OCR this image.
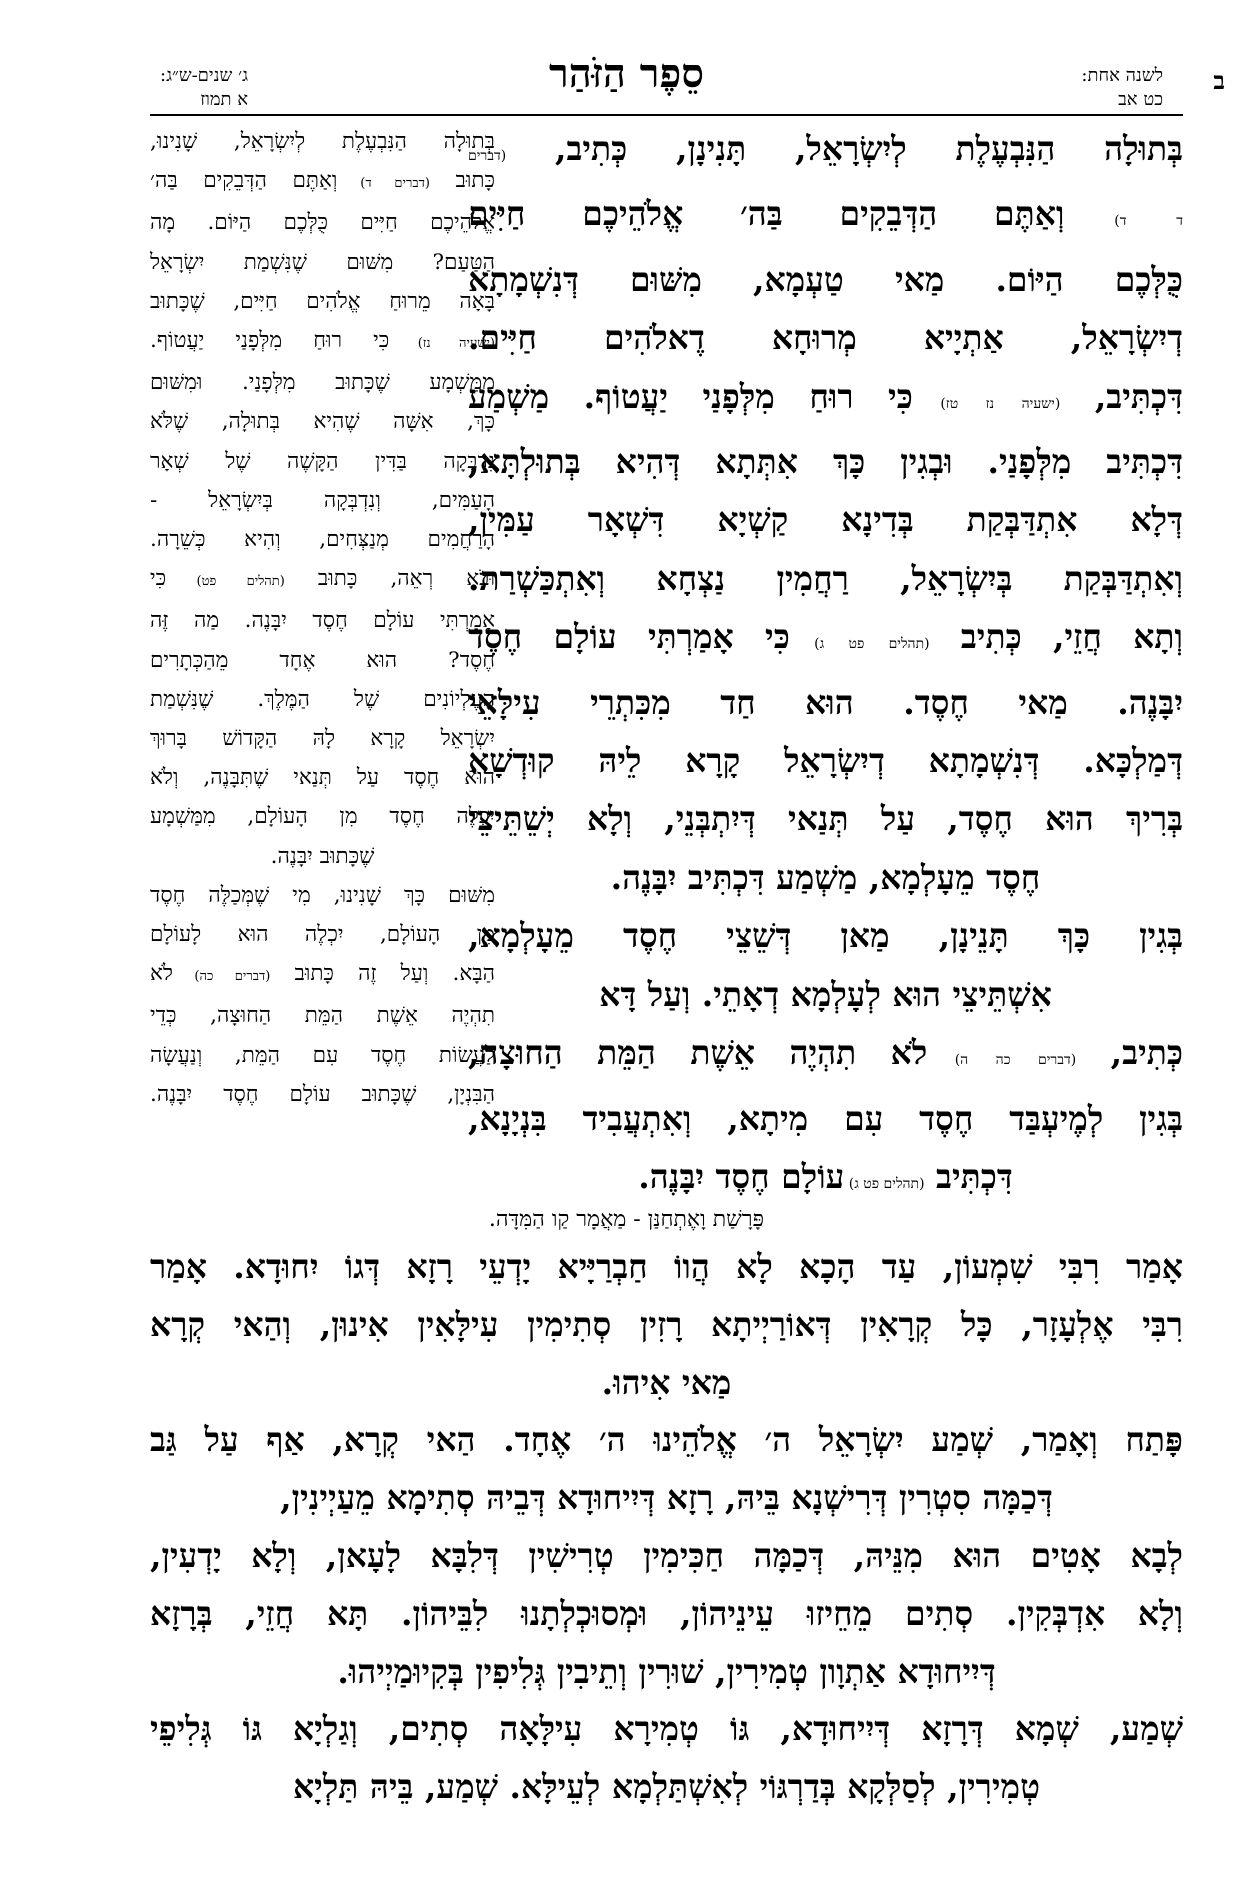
ב
לשנה אחת:
כט אב
סֵפֶר הַזֹּהַר
ג׳ שנים-ש״ג:
א תמוז
בְּתוּלָה הַנִּבְעֶלֶת לְיִשְׂרָאֵל, תָּנִינָן, כְּתִיב, (דברים
ד ד) וְאַתֶּם הַדְּבֵקִים בַּה׳ אֱלֹהֵיכֶם חַיִּים
כֻּלְּכֶם הַיּוֹם. מַאי טַעְמָא, מִשּׁוּם דְּנִשְׁמָתָא
דְיִשְׂרָאֵל, אַתְיָיא מְרוּחָא דֶאלֹהִים חַיִּים.
דִּכְתִּיב, (ישעיה נז טז) כִּי רוּחַ מִלְּפָנַי יַעֲטוֹף. מַשְׁמַע
דִּכְתִּיב מִלְּפָנַי. וּבְגִין כָּךְ אִתְּתָא דְּהִיא בְּתוּלְתָּא,
דְּלָא אִתְדַּבְּקַת בְּדִינָא קַשְׁיָא דִּשְׁאָר עַמִּין,
וְאִתְדַּבְּקַת בְּיִשְׂרָאֵל, רַחֲמִין נַצְחָא וְאִתְכַּשְׁרַת.
וְתָא חֲזֵי, כְּתִיב (תהלים פט ג) כִּי אָמַרְתִּי עוֹלָם חֶסֶד
יִבָּנֶה. מַאי חֶסֶד. הוּא חַד מִכִּתְרֵי עִילָּאֵי
דְּמַלְכָּא. דְּנִשְׁמָתָא דְיִשְׂרָאֵל קָרָא לֵיהּ קוּדְשָׁא
בְּרִיךְ הוּא חֶסֶד, עַל תְּנַאי דְּיִתְבְּנֵי, וְלָא יְשֵׁתֵּיצֵי
חֶסֶד מֵעָלְמָא, מַשְׁמַע דִּכְתִּיב יִבָּנֶה.
בְּגִין כָּךְ תָּנֵינָן, מַאן דְּשֵׁצֵי חֶסֶד מֵעָלְמָא,
אִשְׁתֵּיצֵי הוּא לְעָלְמָא דְאָתֵי. וְעַל דָּא
כְּתִיב, (דברים כה ה) לֹא תִהְיֶה אֵשֶׁת הַמֵּת הַחוּצָה,
בְּגִין לְמֶיעְבַּד חֶסֶד עִם מִיתָא, וְאִתְעֲבִיד בִּנְיָנָא,
דִּכְתִּיב (תהלים פט ג) עוֹלָם חֶסֶד יִבָּנֶה.
בְּתוּלָה הַנִּבְעֶלֶת לְיִשְׂרָאֵל, שָׁנִינוּ,
כָּתוּב (דברים ד) וְאַתֶּם הַדְּבֵקִים בַּה׳
אֱלֹהֵיכֶם חַיִּים כֻּלְּכֶם הַיּוֹם. מָה
הַטַּעַם? מִשּׁוּם שֶׁנִּשְׁמַת יִשְׂרָאֵל
בָּאָה מֵרוּחַ אֱלֹהִים חַיִּים, שֶׁכָּתוּב
(ישעיה נז) כִּי רוּחַ מִלְּפָנַי יַעֲטוֹף.
מִמַּשְׁמָע שֶׁכָּתוּב מִלְּפָנַי. וּמִשּׁוּם
כָּךְ, אִשָּׁה שֶׁהִיא בְּתוּלָה, שֶׁלֹּא
נִדְבְּקָה בַּדִּין הַקָּשֶׁה שֶׁל שְׁאָר
הָעַמִּים, וְנִדְבְּקָה בְּיִשְׂרָאֵל -
הָרַחֲמִים מְנַצְּחִים, וְהִיא כְּשֵׁרָה.
וּבֹא רְאֵה, כָּתוּב (תהלים פט) כִּי
אָמַרְתִּי עוֹלָם חֶסֶד יִבָּנֶה. מַה זֶּה
חֶסֶד? הוּא אֶחָד מֵהַכְּתָרִים
הָעֶלְיוֹנִים שֶׁל הַמֶּלֶךְ. שֶׁנִּשְׁמַת
יִשְׂרָאֵל קָרָא לָהּ הַקָּדוֹשׁ בָּרוּךְ
הוּא חֶסֶד עַל תְּנַאי שֶׁתִּבָּנֶה, וְלֹא
יִכְלֶה חֶסֶד מִן הָעוֹלָם, מִמַּשְׁמָע
שֶׁכָּתוּב יִבָּנֶה.
מִשּׁוּם כָּךְ שָׁנִינוּ, מִי שֶׁמְּכַלֶּה חֶסֶד
מִן הָעוֹלָם, יִכְלֶה הוּא לָעוֹלָם
הַבָּא. וְעַל זֶה כָּתוּב (דברים כה) לֹא
תִהְיֶה אֵשֶׁת הַמֵּת הַחוּצָה, כְּדֵי
לַעֲשׂוֹת חֶסֶד עִם הַמֵּת, וְנַעֲשָׂה
הַבִּנְיָן, שֶׁכָּתוּב עוֹלָם חֶסֶד יִבָּנֶה.
פָּרָשַׁת וָאֶתְחַנַּן - מַאֲמָר קַו הַמִּדָּה.
אָמַר רִבִּי שִׁמְעוֹן, עַד הָכָא לָא הֲווֹ חַבְרַיָּיא יָדְעֵי רָזָא דְּגוֹ יִחוּדָא. אָמַר
רִבִּי אֶלְעָזָר, כָּל קְרָאִין דְּאוֹרַיְיתָא רָזִין סְתִימִין עִילָּאִין אִינוּן, וְהַאי קְרָא
מַאי אִיהוּ.
פָּתַח וְאָמַר, שְׁמַע יִשְׂרָאֵל ה׳ אֱלֹהֵינוּ ה׳ אֶחָד. הַאי קְרָא, אַף עַל גַּב
דְּכַמָּה סִטְרִין דְּרִישְׁנָא בֵּיהּ, רָזָא דְּיִיחוּדָא דְּבֵיהּ סְתִימָא מֵעַיְינִין,
לְבָא אָטִים הוּא מִנֵּיהּ, דְּכַמָּה חַכִּימִין טְרִישִׁין דְּלִבָּא לָעָאן, וְלָא יָדְעִין,
וְלָא אִדְבְּקִין. סְתִים מֵחֵיזוּ עֵינֵיהוֹן, וּמְסוּכְלְתָנוּ לִבֵּיהוֹן. תָּא חֲזֵי, בְּרָזָא
דְּיִיחוּדָא אַתְוָון טְמִירִין, שׁוּרִין וְתֵיבִין גְּלִיפִין בְּקִיוּמַיְיהוּ.
שְׁמַע, שְׁמָא דְּרָזָא דְּיִיחוּדָא, גּוֹ טְמִירָא עִילָּאָה סְתִים, וְגַלְיָא גּוֹ גְּלִיפֵי
טְמִירִין, לְסַלְּקָא בְּדַרְגּוֹי לְאִשְׁתַּלְמָא לְעֵילָּא. שְׁמַע, בֵּיהּ תַּלְיָא
